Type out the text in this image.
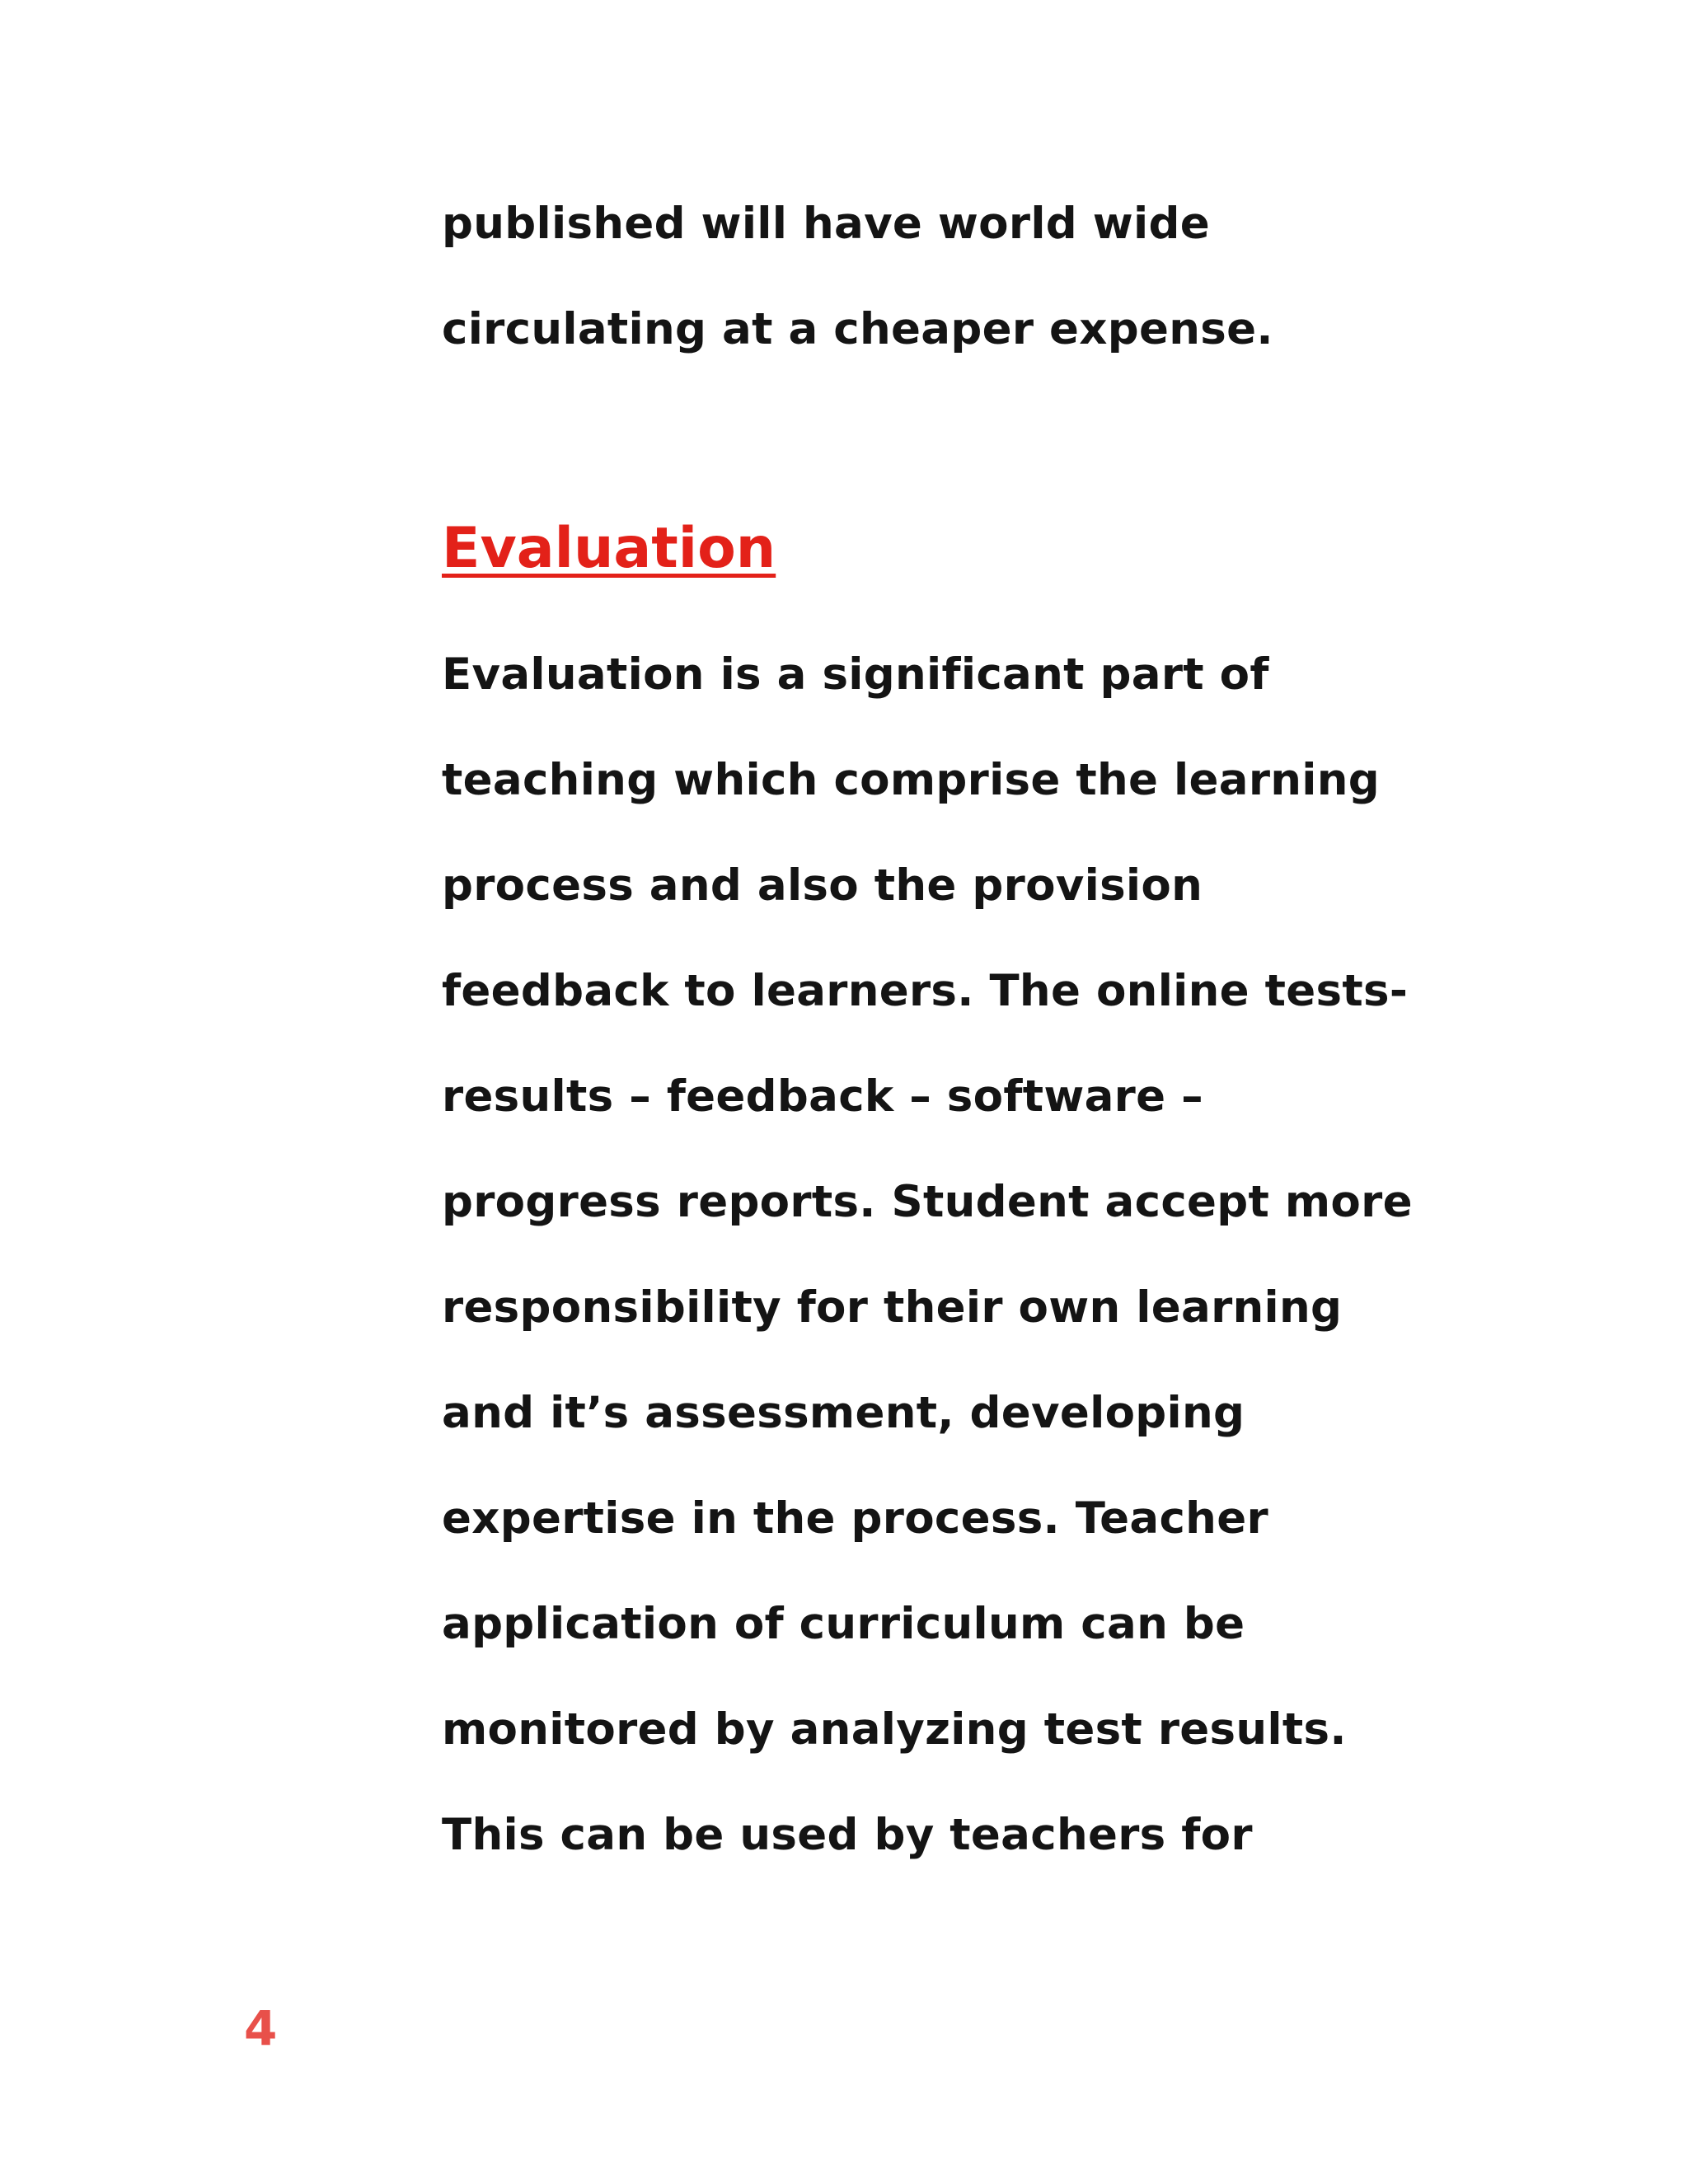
published will have world wide
circulating at a cheaper expense.
Evaluation
Evaluation is a significant part of
teaching which comprise the learning
process and also the provision
feedback to learners. The online tests-
results – feedback – software –
progress reports. Student accept more
responsibility for their own learning
and it’s assessment, developing
expertise in the process. Teacher
application of curriculum can be
monitored by analyzing test results.
This can be used by teachers for
4
